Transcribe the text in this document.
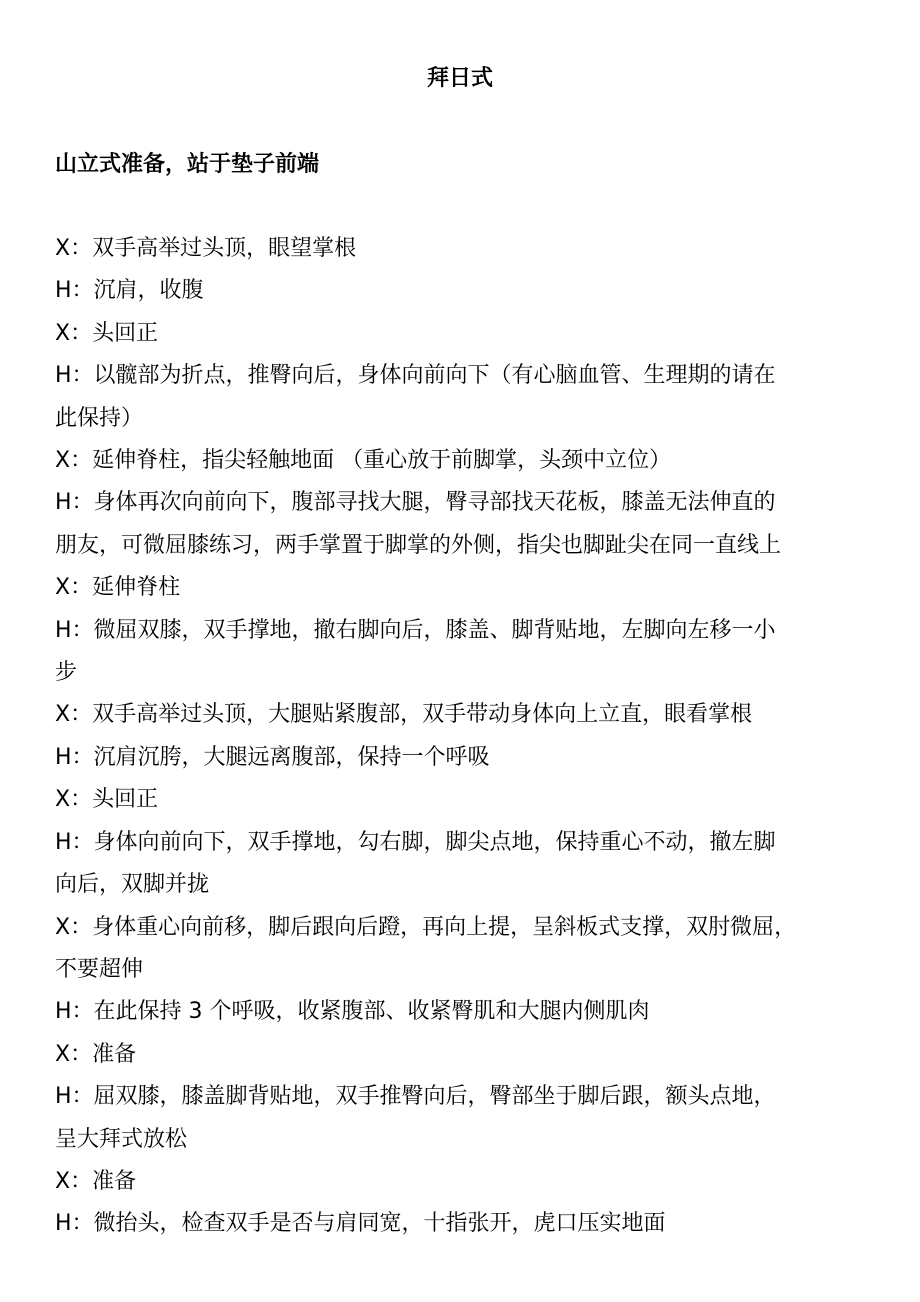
拜日式
山立式准备，站于垫子前端
X：双手高举过头顶，眼望掌根
H：沉肩，收腹
X：头回正
H：以髋部为折点，推臀向后，身体向前向下（有心脑血管、生理期的请在
此保持）
X：延伸脊柱，指尖轻触地面 （重心放于前脚掌，头颈中立位）
H：身体再次向前向下，腹部寻找大腿，臀寻部找天花板，膝盖无法伸直的
朋友，可微屈膝练习，两手掌置于脚掌的外侧，指尖也脚趾尖在同一直线上
X：延伸脊柱
H：微屈双膝，双手撑地，撤右脚向后，膝盖、脚背贴地，左脚向左移一小
步
X：双手高举过头顶，大腿贴紧腹部，双手带动身体向上立直，眼看掌根
H：沉肩沉胯，大腿远离腹部，保持一个呼吸
X：头回正
H：身体向前向下，双手撑地，勾右脚，脚尖点地，保持重心不动，撤左脚
向后，双脚并拢
X：身体重心向前移，脚后跟向后蹬，再向上提，呈斜板式支撑，双肘微屈，
不要超伸
H：在此保持 3 个呼吸，收紧腹部、收紧臀肌和大腿内侧肌肉
X：准备
H：屈双膝，膝盖脚背贴地，双手推臀向后，臀部坐于脚后跟，额头点地，
呈大拜式放松
X：准备
H：微抬头，检查双手是否与肩同宽，十指张开，虎口压实地面
